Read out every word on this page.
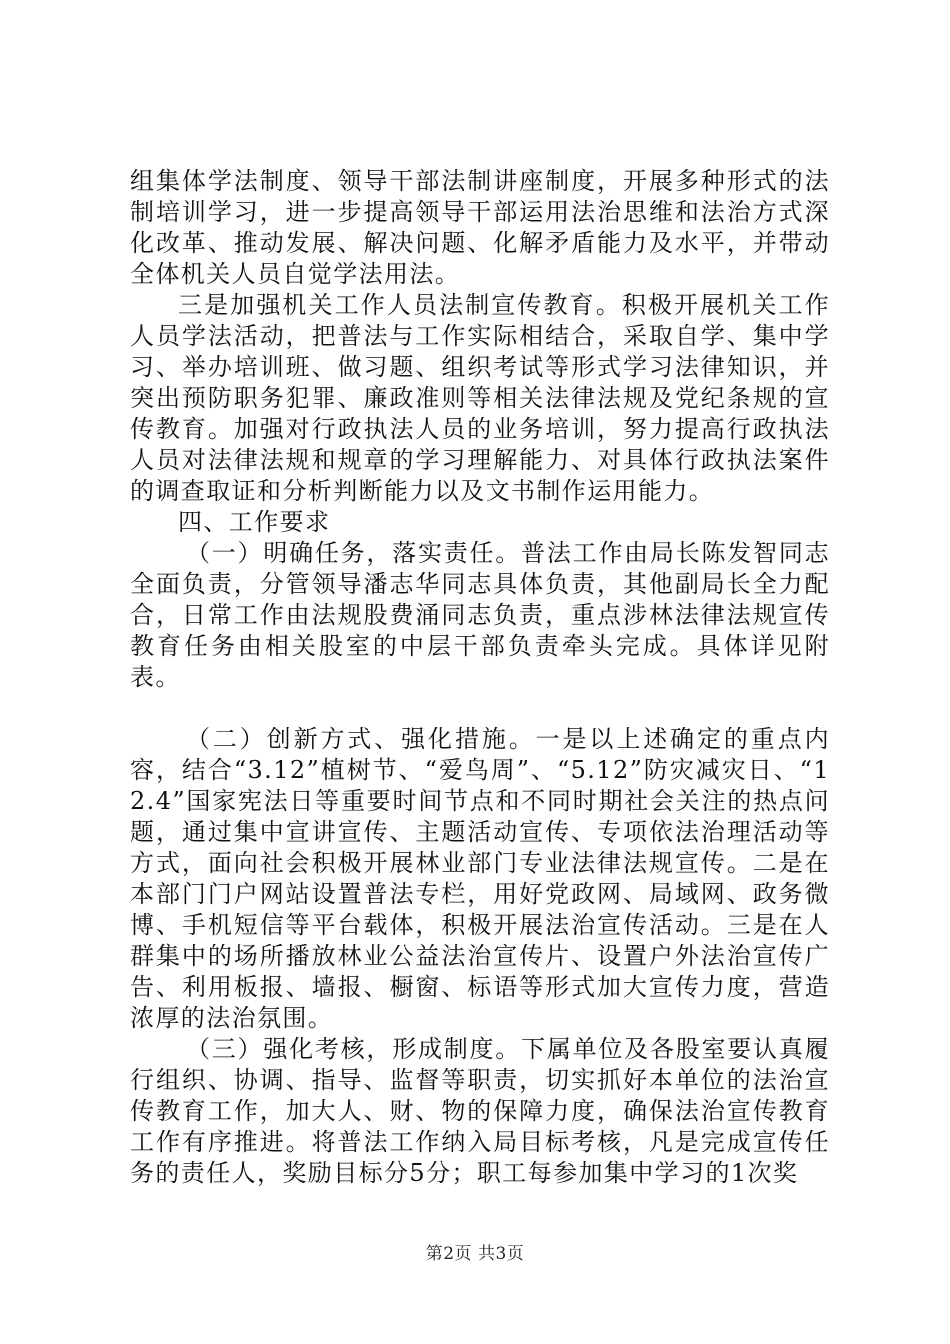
组集体学法制度、领导干部法制讲座制度，开展多种形式的法制培训学习，进一步提高领导干部运用法治思维和法治方式深化改革、推动发展、解决问题、化解矛盾能力及水平，并带动全体机关人员自觉学法用法。

三是加强机关工作人员法制宣传教育。积极开展机关工作人员学法活动，把普法与工作实际相结合，采取自学、集中学习、举办培训班、做习题、组织考试等形式学习法律知识，并突出预防职务犯罪、廉政准则等相关法律法规及党纪条规的宣传教育。加强对行政执法人员的业务培训，努力提高行政执法人员对法律法规和规章的学习理解能力、对具体行政执法案件的调查取证和分析判断能力以及文书制作运用能力。

四、工作要求

（一）明确任务，落实责任。普法工作由局长陈发智同志全面负责，分管领导潘志华同志具体负责，其他副局长全力配合，日常工作由法规股费涌同志负责，重点涉林法律法规宣传教育任务由相关股室的中层干部负责牵头完成。具体详见附表。

（二）创新方式、强化措施。一是以上述确定的重点内容，结合“3.12”植树节、“爱鸟周”、“5.12”防灾减灾日、“12.4”国家宪法日等重要时间节点和不同时期社会关注的热点问题，通过集中宣讲宣传、主题活动宣传、专项依法治理活动等方式，面向社会积极开展林业部门专业法律法规宣传。二是在本部门门户网站设置普法专栏，用好党政网、局域网、政务微博、手机短信等平台载体，积极开展法治宣传活动。三是在人群集中的场所播放林业公益法治宣传片、设置户外法治宣传广告、利用板报、墙报、橱窗、标语等形式加大宣传力度，营造浓厚的法治氛围。

（三）强化考核，形成制度。下属单位及各股室要认真履行组织、协调、指导、监督等职责，切实抓好本单位的法治宣传教育工作，加大人、财、物的保障力度，确保法治宣传教育工作有序推进。将普法工作纳入局目标考核，凡是完成宣传任务的责任人，奖励目标分5分；职工每参加集中学习的1次奖

第2页 共3页
